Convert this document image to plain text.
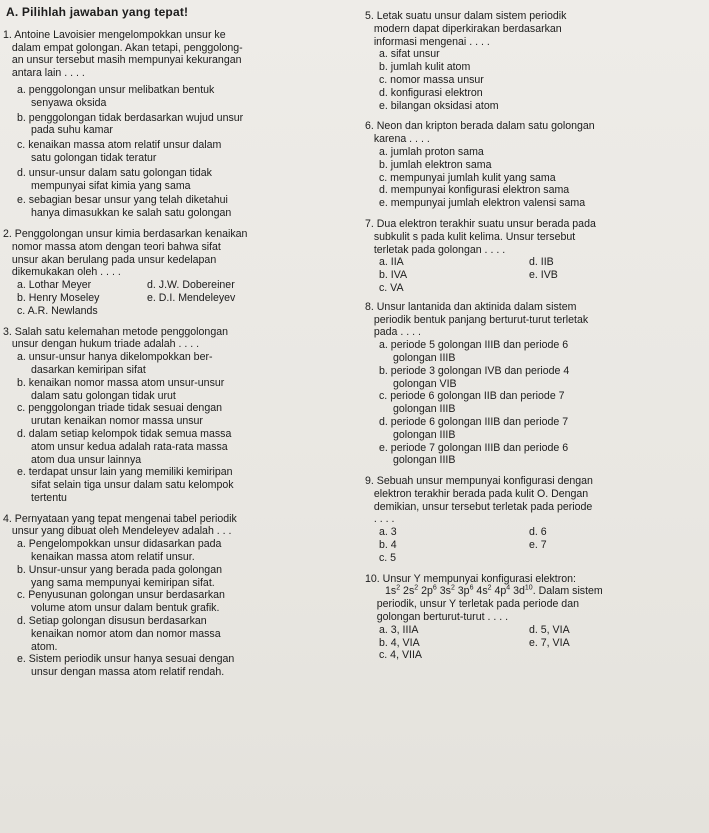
A. Pilihlah jawaban yang tepat!
1. Antoine Lavoisier mengelompokkan unsur ke
dalam empat golongan. Akan tetapi, penggolong-
an unsur tersebut masih mempunyai kekurangan
antara lain . . . .
a. penggolongan unsur melibatkan bentuk
senyawa oksida
b. penggolongan tidak berdasarkan wujud unsur
pada suhu kamar
c. kenaikan massa atom relatif unsur dalam
satu golongan tidak teratur
d. unsur-unsur dalam satu golongan tidak
mempunyai sifat kimia yang sama
e. sebagian besar unsur yang telah diketahui
hanya dimasukkan ke salah satu golongan
2. Penggolongan unsur kimia berdasarkan kenaikan
nomor massa atom dengan teori bahwa sifat
unsur akan berulang pada unsur kedelapan
dikemukakan oleh . . . .
a. Lothar Meyer	d. J.W. Dobereiner
b. Henry Moseley	e. D.I. Mendeleyev
c. A.R. Newlands
3. Salah satu kelemahan metode penggolongan
unsur dengan hukum triade adalah . . . .
a. unsur-unsur hanya dikelompokkan ber-
dasarkan kemiripan sifat
b. kenaikan nomor massa atom unsur-unsur
dalam satu golongan tidak urut
c. penggolongan triade tidak sesuai dengan
urutan kenaikan nomor massa unsur
d. dalam setiap kelompok tidak semua massa
atom unsur kedua adalah rata-rata massa
atom dua unsur lainnya
e. terdapat unsur lain yang memiliki kemiripan
sifat selain tiga unsur dalam satu kelompok
tertentu
4. Pernyataan yang tepat mengenai tabel periodik
unsur yang dibuat oleh Mendeleyev adalah . . .
a. Pengelompokkan unsur didasarkan pada
kenaikan massa atom relatif unsur.
b. Unsur-unsur yang berada pada golongan
yang sama mempunyai kemiripan sifat.
c. Penyusunan golongan unsur berdasarkan
volume atom unsur dalam bentuk grafik.
d. Setiap golongan disusun berdasarkan
kenaikan nomor atom dan nomor massa
atom.
e. Sistem periodik unsur hanya sesuai dengan
unsur dengan massa atom relatif rendah.
5. Letak suatu unsur dalam sistem periodik
modern dapat diperkirakan berdasarkan
informasi mengenai . . . .
a. sifat unsur
b. jumlah kulit atom
c. nomor massa unsur
d. konfigurasi elektron
e. bilangan oksidasi atom
6. Neon dan kripton berada dalam satu golongan
karena . . . .
a. jumlah proton sama
b. jumlah elektron sama
c. mempunyai jumlah kulit yang sama
d. mempunyai konfigurasi elektron sama
e. mempunyai jumlah elektron valensi sama
7. Dua elektron terakhir suatu unsur berada pada
subkulit s pada kulit kelima. Unsur tersebut
terletak pada golongan . . . .
a. IIA	d. IIB
b. IVA	e. IVB
c. VA
8. Unsur lantanida dan aktinida dalam sistem
periodik bentuk panjang berturut-turut terletak
pada . . . .
a. periode 5 golongan IIIB dan periode 6
golongan IIIB
b. periode 3 golongan IVB dan periode 4
golongan VIB
c. periode 6 golongan IIB dan periode 7
golongan IIIB
d. periode 6 golongan IIIB dan periode 7
golongan IIIB
e. periode 7 golongan IIIB dan periode 6
golongan IIIB
9. Sebuah unsur mempunyai konfigurasi dengan
elektron terakhir berada pada kulit O. Dengan
demikian, unsur tersebut terletak pada periode
. . . .
a. 3	d. 6
b. 4	e. 7
c. 5
10. Unsur Y mempunyai konfigurasi elektron:
$1s^2$ $2s^2$ $2p^6$ $3s^2$ $3p^6$ $4s^2$ $4p^4$ $3d^{10}$. Dalam sistem
periodik, unsur Y terletak pada periode dan
golongan berturut-turut . . . .
a. 3, IIIA	d. 5, VIA
b. 4, VIA	e. 7, VIA
c. 4, VIIA
